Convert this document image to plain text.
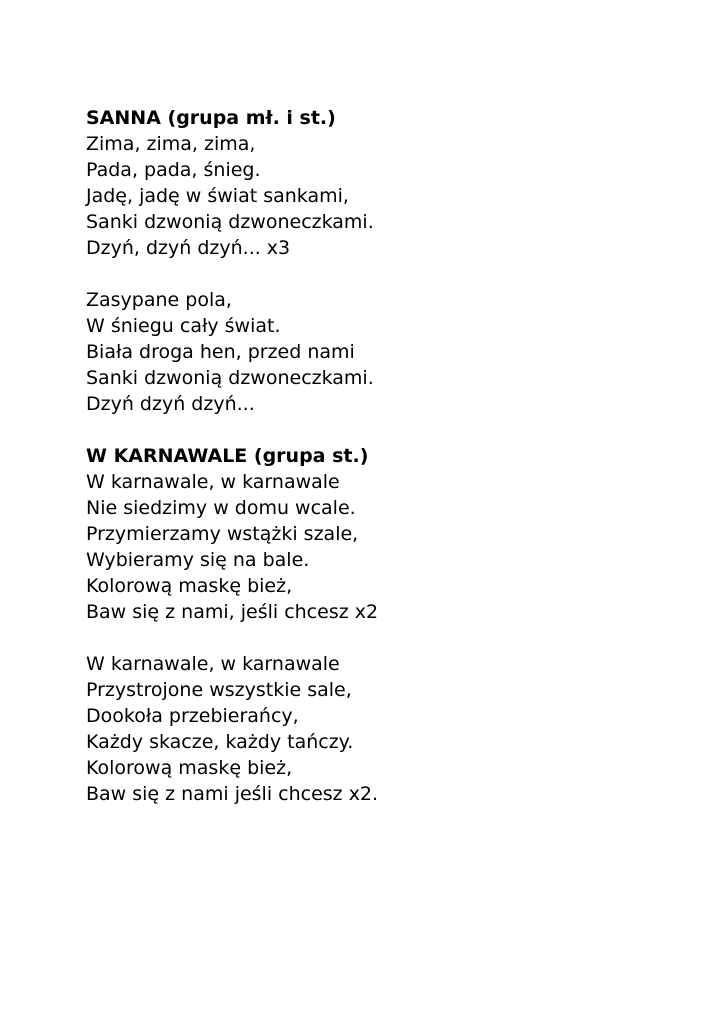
SANNA (grupa mł. i st.)
Zima, zima, zima,
Pada, pada, śnieg.
Jadę, jadę w świat sankami,
Sanki dzwonią dzwoneczkami.
Dzyń, dzyń dzyń... x3
Zasypane pola,
W śniegu cały świat.
Biała droga hen, przed nami
Sanki dzwonią dzwoneczkami.
Dzyń dzyń dzyń...
W KARNAWALE (grupa st.)
W karnawale, w karnawale
Nie siedzimy w domu wcale.
Przymierzamy wstążki szale,
Wybieramy się na bale.
Kolorową maskę bież,
Baw się z nami, jeśli chcesz x2
W karnawale, w karnawale
Przystrojone wszystkie sale,
Dookoła przebierańcy,
Każdy skacze, każdy tańczy.
Kolorową maskę bież,
Baw się z nami jeśli chcesz x2.
